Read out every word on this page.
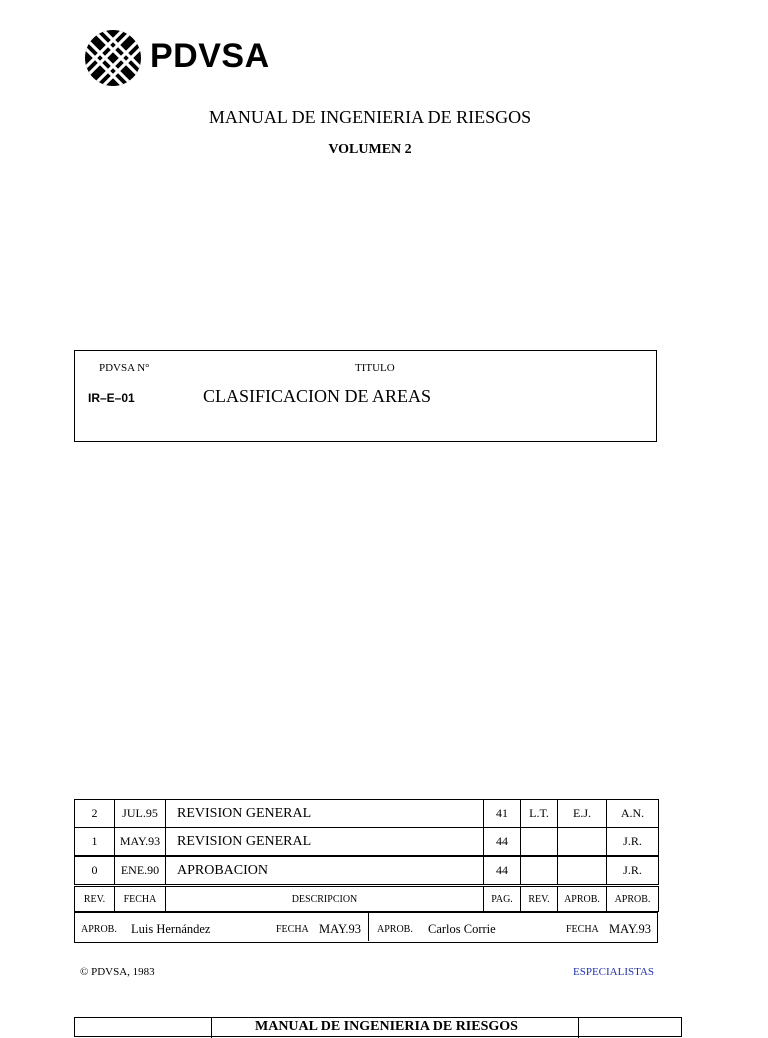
PDVSA
MANUAL DE INGENIERIA DE RIESGOS
VOLUMEN 2
PDVSA N°	TITULO
IR–E–01	CLASIFICACION DE AREAS
2	JUL.95	REVISION GENERAL	41	L.T.	E.J.	A.N.
1	MAY.93	REVISION GENERAL	44			J.R.
0	ENE.90	APROBACION	44			J.R.
REV.	FECHA	DESCRIPCION	PAG.	REV.	APROB.	APROB.
APROB. Luis Hernández	FECHA MAY.93 APROB. Carlos Corrie	FECHA MAY.93
© PDVSA, 1983	ESPECIALISTAS
MANUAL DE INGENIERIA DE RIESGOS
